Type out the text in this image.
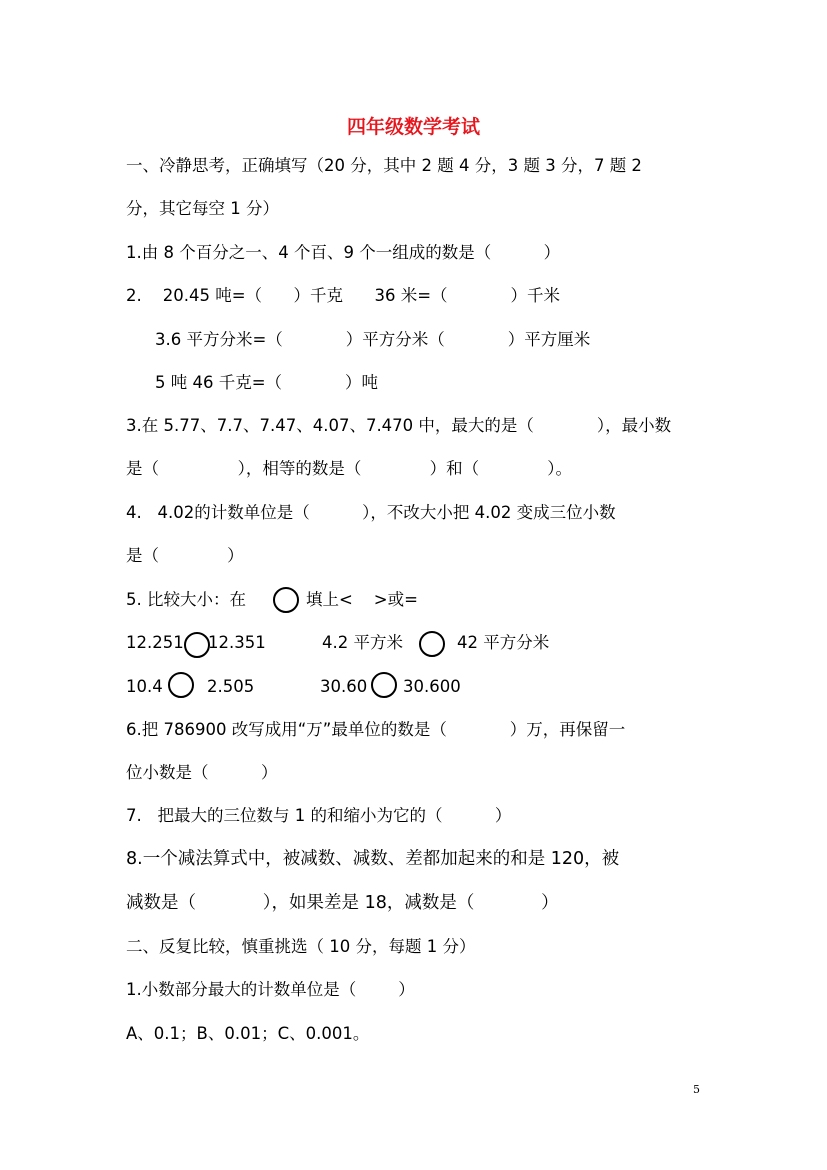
四年级数学考试
一、冷静思考，正确填写（20 分，其中 2 题 4 分，3 题 3 分，7 题 2
分，其它每空 1 分）
1.由 8 个百分之一、4 个百、9 个一组成的数是（          ）
2.    20.45 吨=（      ）千克      36 米=（            ）千米
3.6 平方分米=（            ）平方分米（            ）平方厘米
5 吨 46 千克=（            ）吨
3.在 5.77、7.7、7.47、4.07、7.470 中，最大的是（            ），最小数
是（               ），相等的数是（             ）和（             ）。
4.   4.02的计数单位是（          ），不改大小把 4.02 变成三位小数
是（             ）
5. 比较大小：在	填上<    >或=
12.251 12.351	4.2 平方米	42 平方分米
10.4	2.505	30.60 30.600
6.把 786900 改写成用“万”最单位的数是（            ）万，再保留一
位小数是（          ）
7.   把最大的三位数与 1 的和缩小为它的（          ）
8.一个减法算式中，被减数、减数、差都加起来的和是 120，被
减数是（            ），如果差是 18，减数是（            ）
二、反复比较，慎重挑选（ 10 分，每题 1 分）
1.小数部分最大的计数单位是（        ）
A、0.1；B、0.01；C、0.001。
5
